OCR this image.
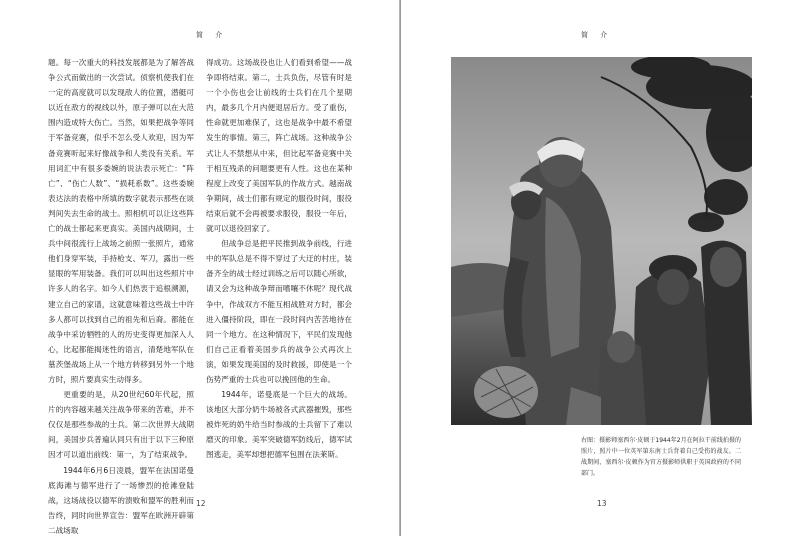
简 介

题。每一次重大的科技发展都是为了解答战争公式而做出的一次尝试。侦察机使我们在一定的高度就可以发现敌人的位置，潜艇可以近在敌方的视线以外，原子弹可以在大范围内造成特大伤亡。当然，如果把战争等同于军备竞赛，似乎不怎么受人欢迎，因为军备竞赛听起来好像战争和人类没有关系。军用词汇中有很多委婉的说法表示死亡：“阵亡”、“伤亡人数”、“损耗系数”。这些委婉表达法的表格中所填的数字就表示那些在谈判间失去生命的战士。照相机可以让这些阵亡的战士都起来更真实。美国内战期间，士兵中间很流行上战场之前照一张照片，通常他们身穿军装，手持枪支、军刀，露出一些显眼的军用装备。我们可以叫出这些照片中许多人的名字。如今人们热衷于追根溯源，建立自己的家谱，这就意味着这些战士中许多人都可以找到自己的祖先和后裔。都能在战争中采访牺牲的人的历史变得更加深入人心，比起都能揭迷性的语言，清楚地军队在墓茨堡战场上从一个地方转移到另外一个地方时，照片要真实生动得多。

更重要的是，从20世纪60年代起，照片的内容越来越关注战争带来的苦难，并不仅仅是那些参战的士兵。第二次世界大战期间，美国步兵普遍认同只有出于以下三种原因才可以道出前线：第一，为了结束战争。

1944年6月6日凌晨，盟军在法国诺曼底海滩与德军进行了一场惨烈的抢滩登陆战，这场战役以德军的溃败和盟军的胜利而告终，同时向世界宣告：盟军在欧洲开辟第二战场取

得成功。这场战役也让人们看到希望——战争即将结束。第二，士兵负伤，尽管有时是一个小伤也会让前线的士兵们在几个星期内，最多几个月内便退居后方。受了重伤，性命就更加难保了，这也是战争中最不希望发生的事情。第三，阵亡战场。这种战争公式让人不禁想从中来，但比起军备竞赛中关于相互残杀的问题要更有人性。这也在某种程度上改变了美国军队的作战方式。越南战争期间，战士们都有规定的服役时间，服役结束后就不会再被要求服役，服役一年后，就可以退役回家了。

但战争总是把平民推到战争前线，行进中的军队总是不得不穿过了大迂的村庄，装备齐全的战士经过训练之后可以随心所欲，请又会为这种战争辩而嗜嚷不休呢？现代战争中，作战双方不能互相战胜对方时，都会进入僵持阶段，即在一段时间内苦苦地待在同一个地方。在这种情况下，平民们发现他们自己正看着美国步兵的战争公式再次上演，如果发现美国的及时救援，即使是一个伤势严重的士兵也可以挽回他的生命。

1944年，诺曼底是一个巨大的战场。该地区大部分奶牛场被各式武器摧毁，那些被炸死的奶牛给当时参战的士兵留下了难以磨灭的印象。美军突破德军防线后，德军试图逃走，美军却想把德军包围在法莱斯。

12
简 介
右图：摄影师塞西尔·皮顿于1944年2月在阿拉干前线拍摄的照片，照片中一位英军第东南士兵背着自己受伤的战友。二战期间，塞西尔·皮顿作为官方摄影师供职于英国政府的不同部门。
13
